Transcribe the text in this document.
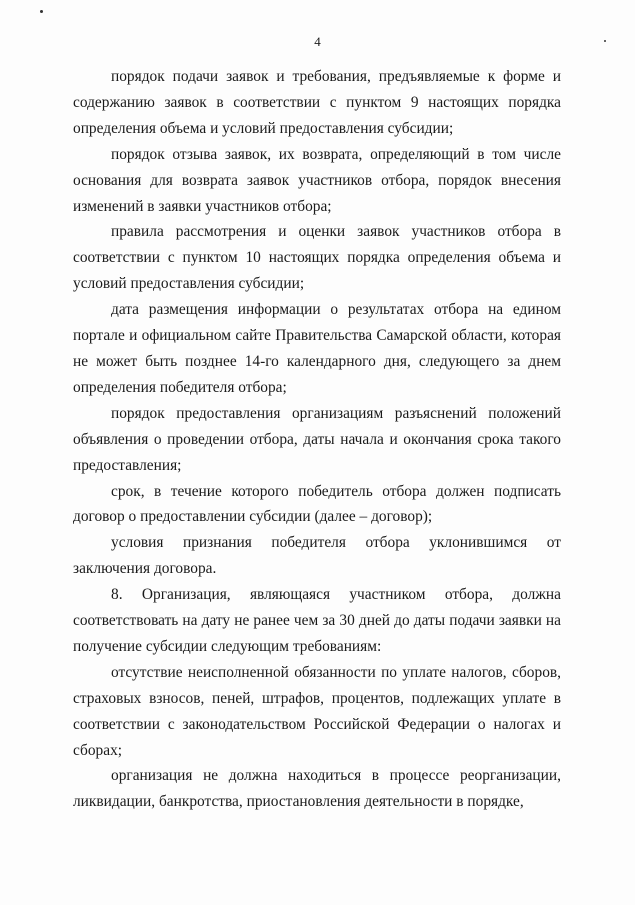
4

порядок подачи заявок и требования, предъявляемые к форме и содержанию заявок в соответствии с пунктом 9 настоящих порядка определения объема и условий предоставления субсидии;

порядок отзыва заявок, их возврата, определяющий в том числе основания для возврата заявок участников отбора, порядок внесения изменений в заявки участников отбора;

правила рассмотрения и оценки заявок участников отбора в соответствии с пунктом 10 настоящих порядка определения объема и условий предоставления субсидии;

дата размещения информации о результатах отбора на едином портале и официальном сайте Правительства Самарской области, которая не может быть позднее 14-го календарного дня, следующего за днем определения победителя отбора;

порядок предоставления организациям разъяснений положений объявления о проведении отбора, даты начала и окончания срока такого предоставления;

срок, в течение которого победитель отбора должен подписать договор о предоставлении субсидии (далее – договор);

условия признания победителя отбора уклонившимся от заключения договора.

8. Организация, являющаяся участником отбора, должна соответствовать на дату не ранее чем за 30 дней до даты подачи заявки на получение субсидии следующим требованиям:

отсутствие неисполненной обязанности по уплате налогов, сборов, страховых взносов, пеней, штрафов, процентов, подлежащих уплате в соответствии с законодательством Российской Федерации о налогах и сборах;

организация не должна находиться в процессе реорганизации, ликвидации, банкротства, приостановления деятельности в порядке,
